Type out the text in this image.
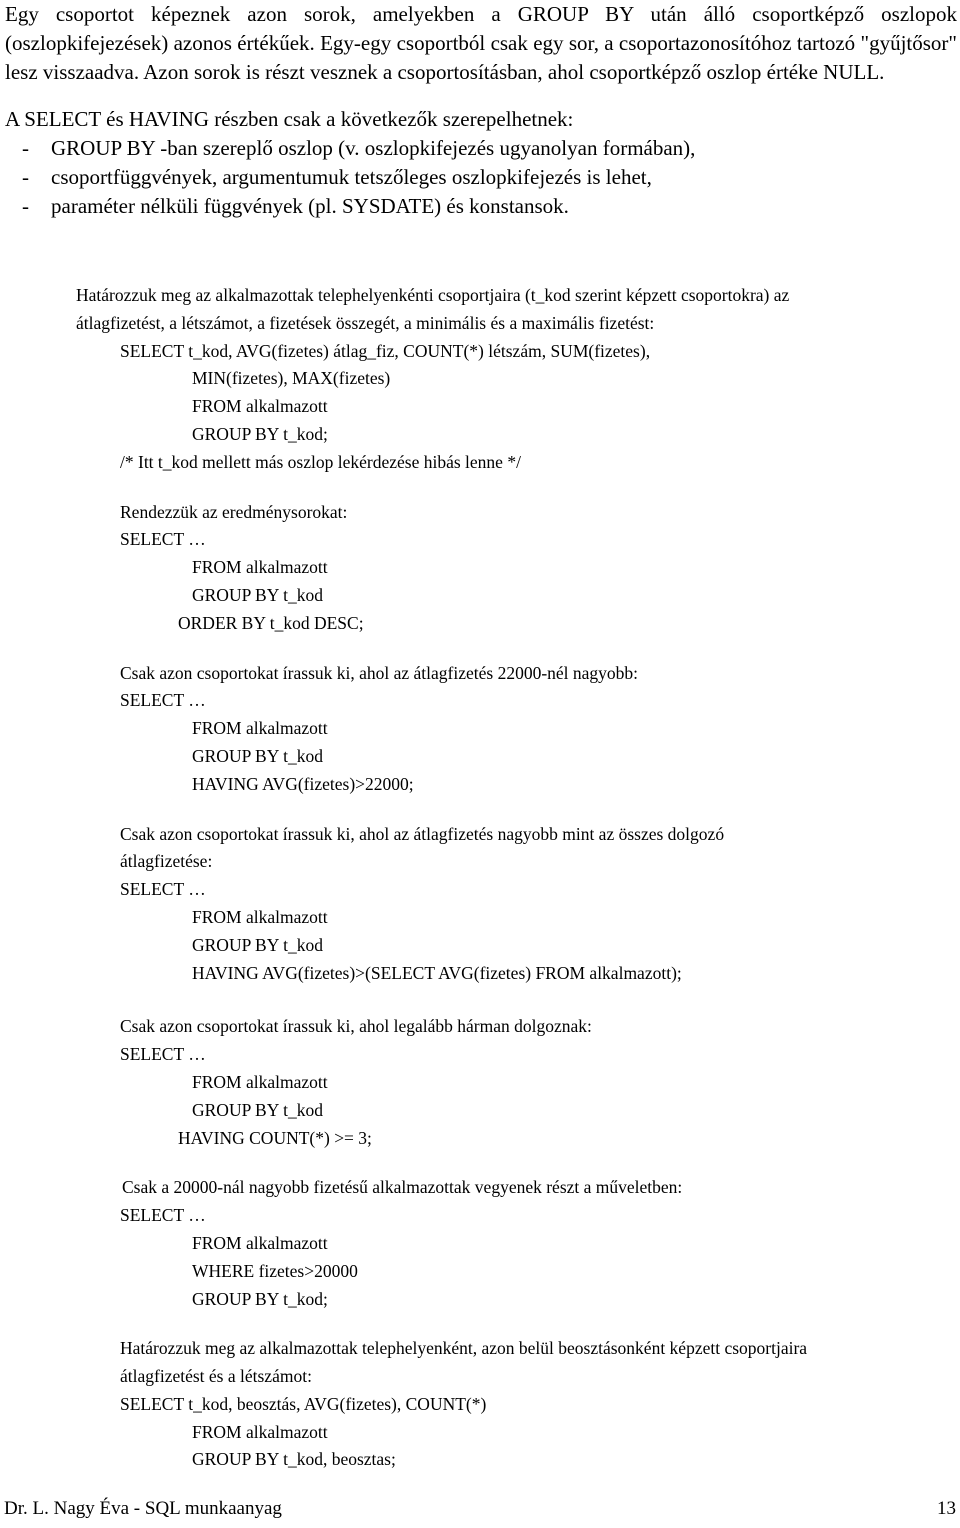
Egy csoportot képeznek azon sorok, amelyekben a GROUP BY után álló csoportképző oszlopok (oszlopkifejezések) azonos értékűek. Egy-egy csoportból csak egy sor, a csoportazonosítóhoz tartozó "gyűjtősor" lesz visszaadva. Azon sorok is részt vesznek a csoportosításban, ahol csoportképző oszlop értéke NULL.

A SELECT és HAVING részben csak a következők szerepelhetnek:

-	GROUP BY -ban szereplő oszlop (v. oszlopkifejezés ugyanolyan formában),
-	csoportfüggvények, argumentumuk tetszőleges oszlopkifejezés is lehet,
-	paraméter nélküli függvények (pl. SYSDATE) és konstansok.
Határozzuk meg az alkalmazottak telephelyenkénti csoportjaira (t_kod szerint képzett csoportokra) az
átlagfizetést, a létszámot, a fizetések összegét, a minimális és a maximális fizetést:
SELECT t_kod, AVG(fizetes) átlag_fiz, COUNT(*) létszám, SUM(fizetes),
MIN(fizetes), MAX(fizetes)
FROM alkalmazott
GROUP BY t_kod;
/* Itt t_kod mellett más oszlop lekérdezése hibás lenne */
Rendezzük az eredménysorokat:
SELECT …
FROM alkalmazott
GROUP BY t_kod
ORDER BY t_kod DESC;
Csak azon csoportokat írassuk ki, ahol az átlagfizetés 22000-nél nagyobb:
SELECT …
FROM alkalmazott
GROUP BY t_kod
HAVING AVG(fizetes)>22000;
Csak azon csoportokat írassuk ki, ahol az átlagfizetés nagyobb mint az összes dolgozó
átlagfizetése:
SELECT …
FROM alkalmazott
GROUP BY t_kod
HAVING AVG(fizetes)>(SELECT AVG(fizetes) FROM alkalmazott);
Csak azon csoportokat írassuk ki, ahol legalább hárman dolgoznak:
SELECT …
FROM alkalmazott
GROUP BY t_kod
HAVING COUNT(*) >= 3;
Csak a 20000-nál nagyobb fizetésű alkalmazottak vegyenek részt a műveletben:
SELECT …
FROM alkalmazott
WHERE fizetes>20000
GROUP BY t_kod;
Határozzuk meg az alkalmazottak telephelyenként, azon belül beosztásonként képzett csoportjaira
átlagfizetést és a létszámot:
SELECT t_kod, beosztás, AVG(fizetes), COUNT(*)
FROM alkalmazott
GROUP BY t_kod, beosztas;
Dr. L. Nagy Éva - SQL munkaanyag	13
